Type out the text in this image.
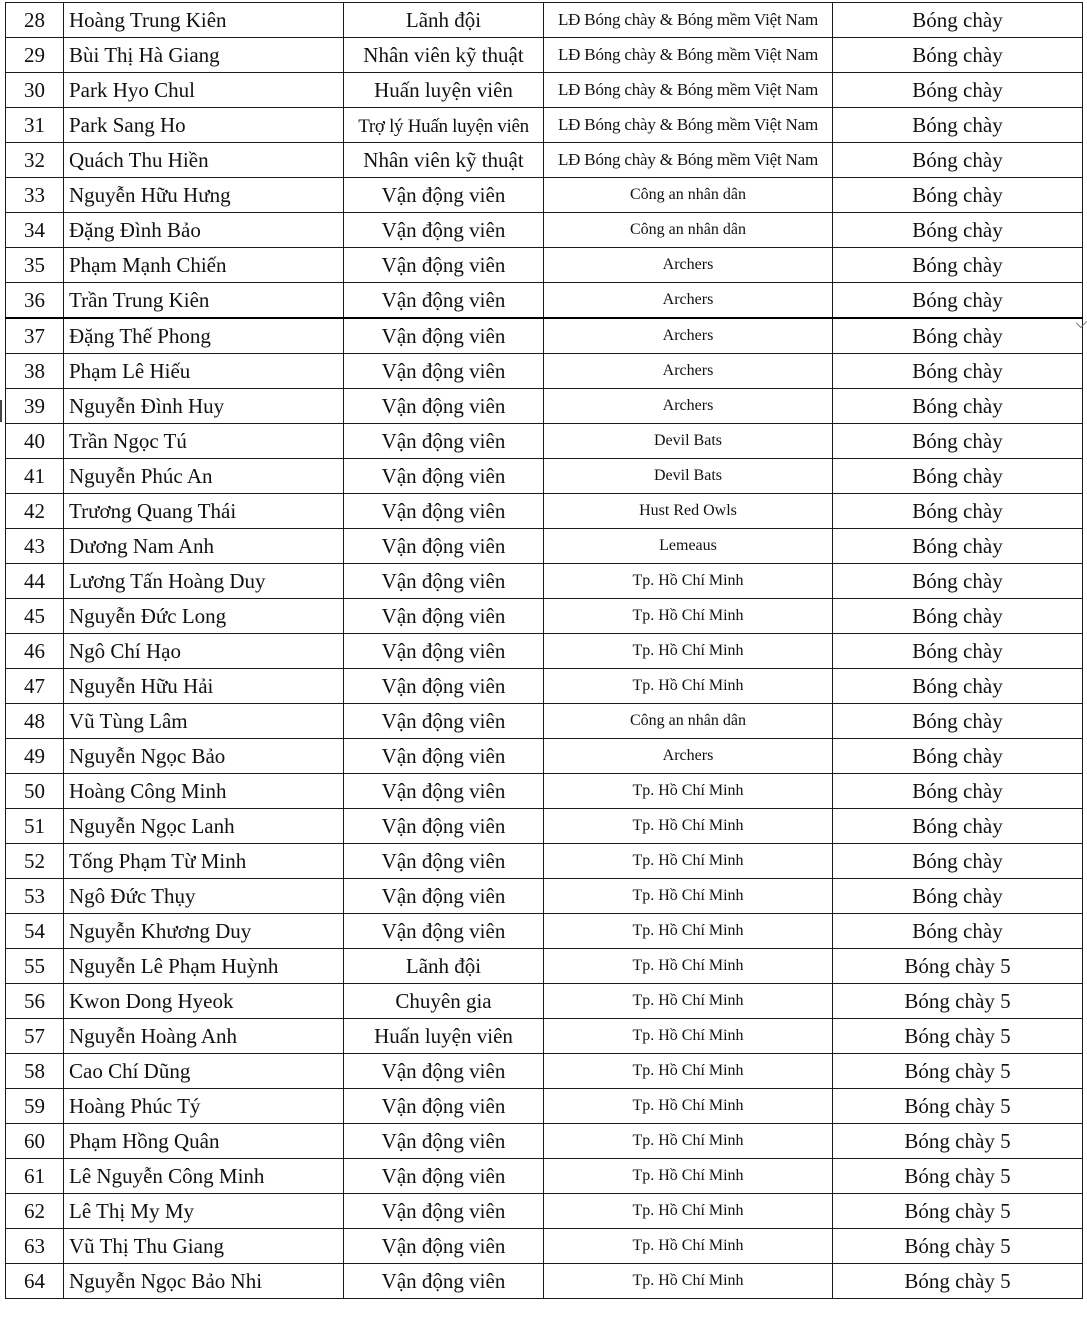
28	Hoàng Trung Kiên	Lãnh đội	LĐ Bóng chày & Bóng mềm Việt Nam	Bóng chày
29	Bùi Thị Hà Giang	Nhân viên kỹ thuật	LĐ Bóng chày & Bóng mềm Việt Nam	Bóng chày
30	Park Hyo Chul	Huấn luyện viên	LĐ Bóng chày & Bóng mềm Việt Nam	Bóng chày
31	Park Sang Ho	Trợ lý Huấn luyện viên	LĐ Bóng chày & Bóng mềm Việt Nam	Bóng chày
32	Quách Thu Hiền	Nhân viên kỹ thuật	LĐ Bóng chày & Bóng mềm Việt Nam	Bóng chày
33	Nguyễn Hữu Hưng	Vận động viên	Công an nhân dân	Bóng chày
34	Đặng Đình Bảo	Vận động viên	Công an nhân dân	Bóng chày
35	Phạm Mạnh Chiến	Vận động viên	Archers	Bóng chày
36	Trần Trung Kiên	Vận động viên	Archers	Bóng chày
37	Đặng Thế Phong	Vận động viên	Archers	Bóng chày
38	Phạm Lê Hiếu	Vận động viên	Archers	Bóng chày
39	Nguyễn Đình Huy	Vận động viên	Archers	Bóng chày
40	Trần Ngọc Tú	Vận động viên	Devil Bats	Bóng chày
41	Nguyễn Phúc An	Vận động viên	Devil Bats	Bóng chày
42	Trương Quang Thái	Vận động viên	Hust Red Owls	Bóng chày
43	Dương Nam Anh	Vận động viên	Lemeaus	Bóng chày
44	Lương Tấn Hoàng Duy	Vận động viên	Tp. Hồ Chí Minh	Bóng chày
45	Nguyễn Đức Long	Vận động viên	Tp. Hồ Chí Minh	Bóng chày
46	Ngô Chí Hạo	Vận động viên	Tp. Hồ Chí Minh	Bóng chày
47	Nguyễn Hữu Hải	Vận động viên	Tp. Hồ Chí Minh	Bóng chày
48	Vũ Tùng Lâm	Vận động viên	Công an nhân dân	Bóng chày
49	Nguyễn Ngọc Bảo	Vận động viên	Archers	Bóng chày
50	Hoàng Công Minh	Vận động viên	Tp. Hồ Chí Minh	Bóng chày
51	Nguyễn Ngọc Lanh	Vận động viên	Tp. Hồ Chí Minh	Bóng chày
52	Tống Phạm Từ Minh	Vận động viên	Tp. Hồ Chí Minh	Bóng chày
53	Ngô Đức Thụy	Vận động viên	Tp. Hồ Chí Minh	Bóng chày
54	Nguyễn Khương Duy	Vận động viên	Tp. Hồ Chí Minh	Bóng chày
55	Nguyễn Lê Phạm Huỳnh	Lãnh đội	Tp. Hồ Chí Minh	Bóng chày 5
56	Kwon Dong Hyeok	Chuyên gia	Tp. Hồ Chí Minh	Bóng chày 5
57	Nguyễn Hoàng Anh	Huấn luyện viên	Tp. Hồ Chí Minh	Bóng chày 5
58	Cao Chí Dũng	Vận động viên	Tp. Hồ Chí Minh	Bóng chày 5
59	Hoàng Phúc Tý	Vận động viên	Tp. Hồ Chí Minh	Bóng chày 5
60	Phạm Hồng Quân	Vận động viên	Tp. Hồ Chí Minh	Bóng chày 5
61	Lê Nguyễn Công Minh	Vận động viên	Tp. Hồ Chí Minh	Bóng chày 5
62	Lê Thị My My	Vận động viên	Tp. Hồ Chí Minh	Bóng chày 5
63	Vũ Thị Thu Giang	Vận động viên	Tp. Hồ Chí Minh	Bóng chày 5
64	Nguyễn Ngọc Bảo Nhi	Vận động viên	Tp. Hồ Chí Minh	Bóng chày 5
